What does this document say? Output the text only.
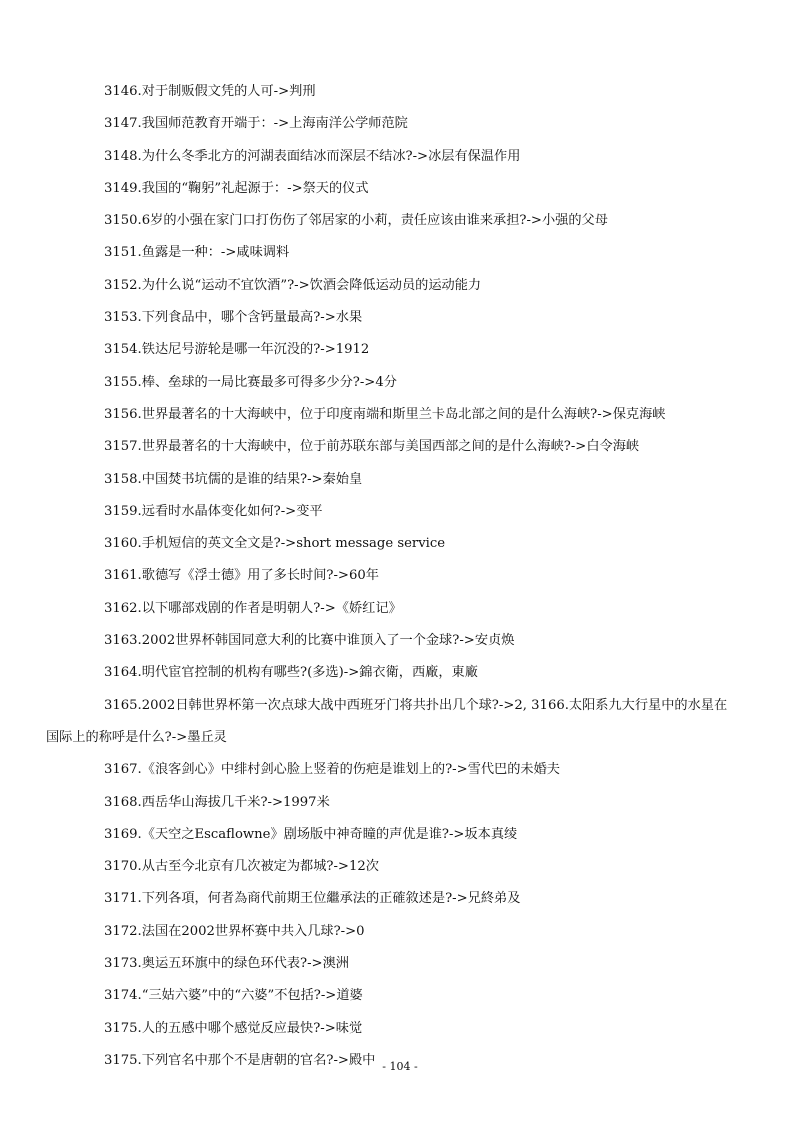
3146.对于制贩假文凭的人可->判刑
3147.我国师范教育开端于：->上海南洋公学师范院
3148.为什么冬季北方的河湖表面结冰而深层不结冰?->冰层有保温作用
3149.我国的“鞠躬”礼起源于：->祭天的仪式
3150.6岁的小强在家门口打伤伤了邻居家的小莉，责任应该由谁来承担?->小强的父母
3151.鱼露是一种：->咸味调料
3152.为什么说“运动不宜饮酒”?->饮酒会降低运动员的运动能力
3153.下列食品中，哪个含钙量最高?->水果
3154.铁达尼号游轮是哪一年沉没的?->1912
3155.棒、垒球的一局比赛最多可得多少分?->4分
3156.世界最著名的十大海峡中，位于印度南端和斯里兰卡岛北部之间的是什么海峡?->保克海峡
3157.世界最著名的十大海峡中，位于前苏联东部与美国西部之间的是什么海峡?->白令海峡
3158.中国焚书坑儒的是谁的结果?->秦始皇
3159.远看时水晶体变化如何?->变平
3160.手机短信的英文全文是?->short message service
3161.歌德写《浮士德》用了多长时间?->60年
3162.以下哪部戏剧的作者是明朝人?->《娇红记》
3163.2002世界杯韩国同意大利的比赛中谁顶入了一个金球?->安贞焕
3164.明代宦官控制的机构有哪些?(多选)->錦衣衛，西廠，東廠
3165.2002日韩世界杯第一次点球大战中西班牙门将共扑出几个球?->2, 3166.太阳系九大行星中的水星在国际上的称呼是什么?->墨丘灵
3167.《浪客剑心》中绯村剑心脸上竖着的伤疤是谁划上的?->雪代巴的未婚夫
3168.西岳华山海拔几千米?->1997米
3169.《天空之Escaflowne》剧场版中神奇瞳的声优是谁?->坂本真绫
3170.从古至今北京有几次被定为都城?->12次
3171.下列各項，何者為商代前期王位繼承法的正確敘述是?->兄終弟及
3172.法国在2002世界杯赛中共入几球?->0
3173.奥运五环旗中的绿色环代表?->澳洲
3174.“三姑六婆”中的“六婆”不包括?->道婆
3175.人的五感中哪个感觉反应最快?->味觉
3175.下列官名中那个不是唐朝的官名?->殿中 - 104 -
